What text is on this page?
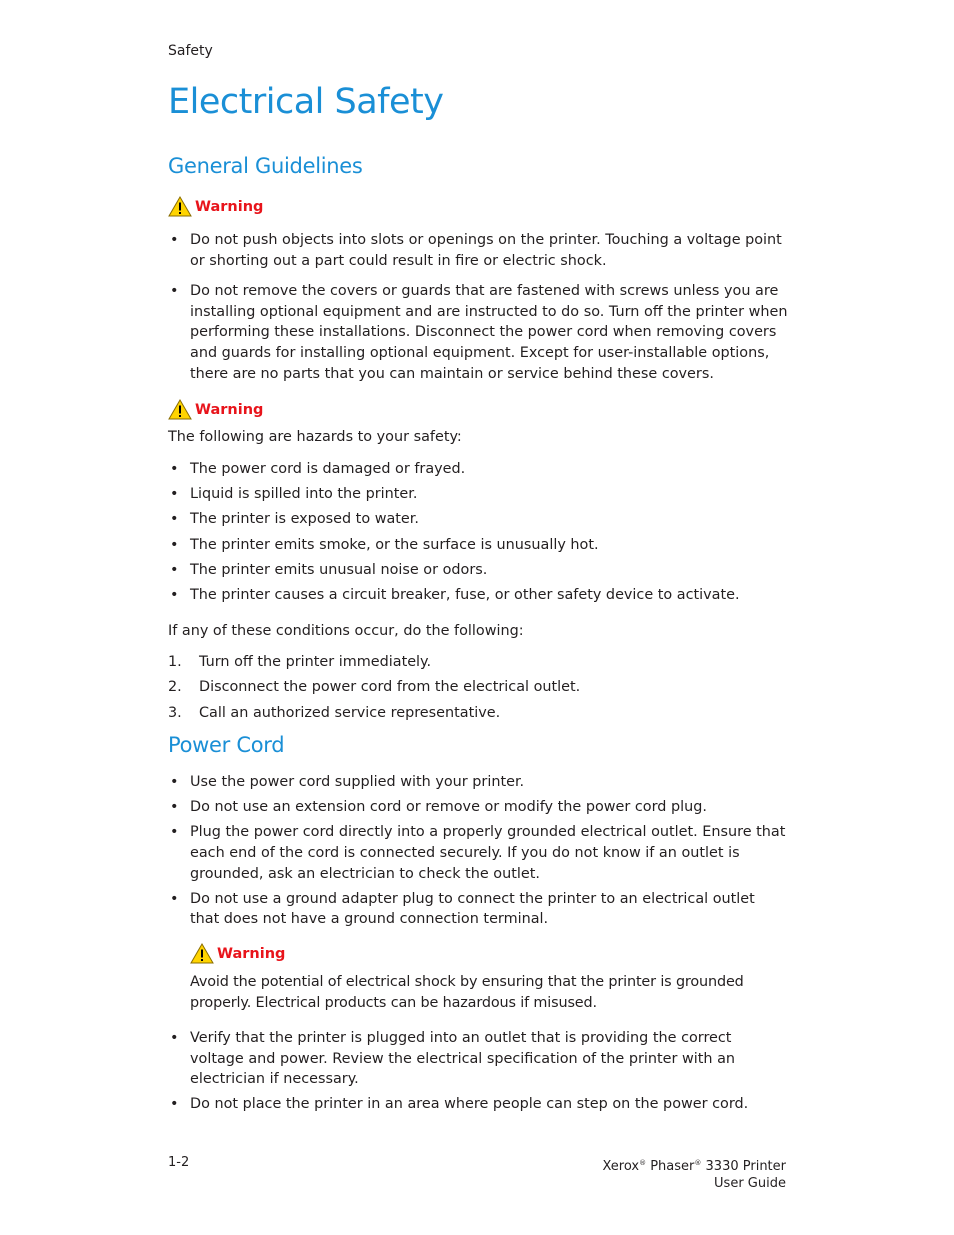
Safety
Electrical Safety
General Guidelines
Warning
• Do not push objects into slots or openings on the printer. Touching a voltage point or shorting out a part could result in fire or electric shock.
• Do not remove the covers or guards that are fastened with screws unless you are installing optional equipment and are instructed to do so. Turn off the printer when performing these installations. Disconnect the power cord when removing covers and guards for installing optional equipment. Except for user-installable options, there are no parts that you can maintain or service behind these covers.
Warning
The following are hazards to your safety:
• The power cord is damaged or frayed.
• Liquid is spilled into the printer.
• The printer is exposed to water.
• The printer emits smoke, or the surface is unusually hot.
• The printer emits unusual noise or odors.
• The printer causes a circuit breaker, fuse, or other safety device to activate.
If any of these conditions occur, do the following:
1. Turn off the printer immediately.
2. Disconnect the power cord from the electrical outlet.
3. Call an authorized service representative.
Power Cord
• Use the power cord supplied with your printer.
• Do not use an extension cord or remove or modify the power cord plug.
• Plug the power cord directly into a properly grounded electrical outlet. Ensure that each end of the cord is connected securely. If you do not know if an outlet is grounded, ask an electrician to check the outlet.
• Do not use a ground adapter plug to connect the printer to an electrical outlet that does not have a ground connection terminal.
Warning
Avoid the potential of electrical shock by ensuring that the printer is grounded properly. Electrical products can be hazardous if misused.
• Verify that the printer is plugged into an outlet that is providing the correct voltage and power. Review the electrical specification of the printer with an electrician if necessary.
• Do not place the printer in an area where people can step on the power cord.
1-2	Xerox® Phaser® 3330 Printer
User Guide
